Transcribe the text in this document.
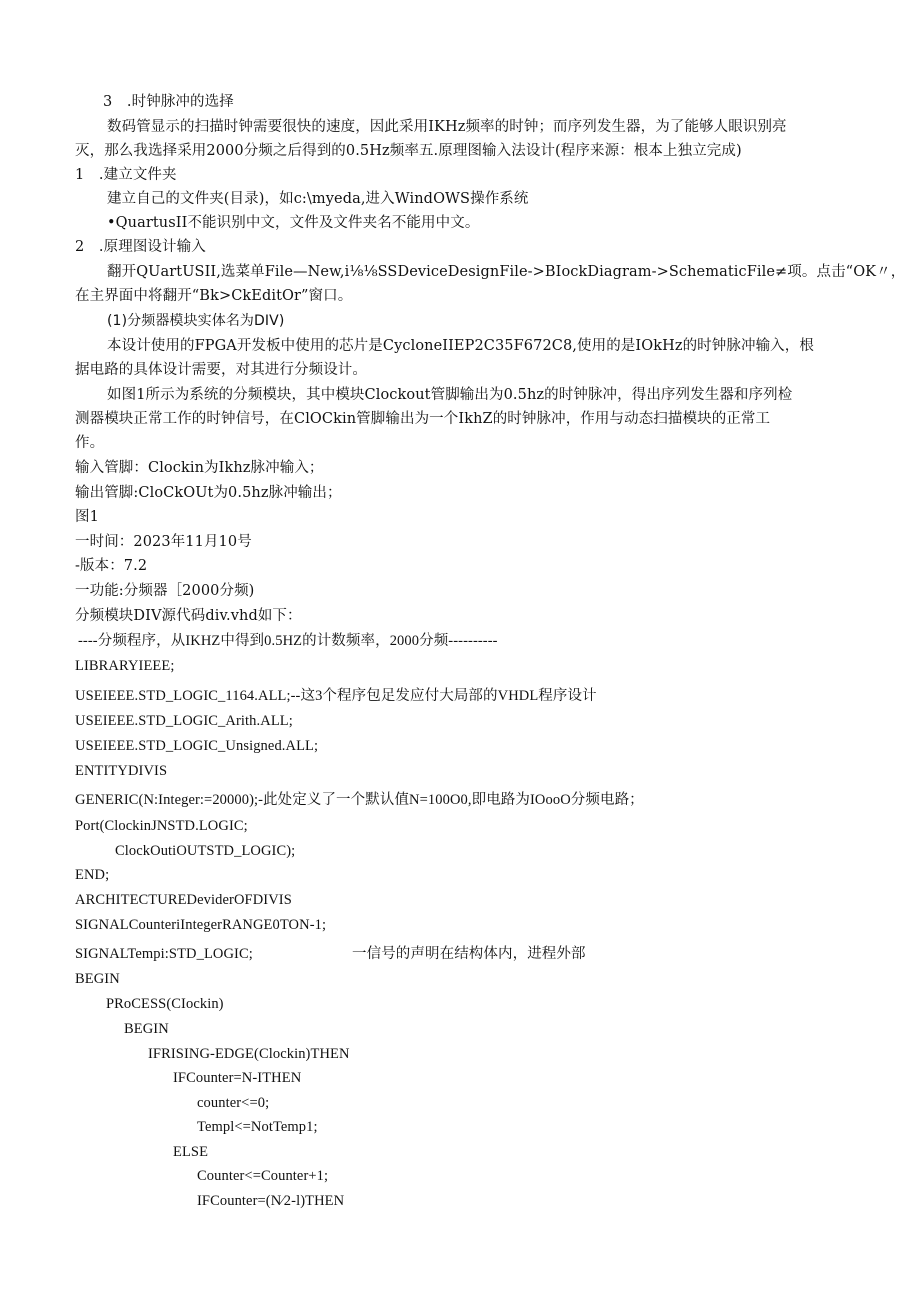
3　.时钟脉冲的选择
数码管显示的扫描时钟需要很快的速度，因此采用IKHz频率的时钟；而序列发生器，为了能够人眼识别亮
灭，那么我选择采用2000分频之后得到的0.5Hz频率五.原理图输入法设计(程序来源：根本上独立完成)
1　.建立文件夹
建立自己的文件夹(目录)，如c:\myeda,进入WindOWS操作系统
•QuartusII不能识别中文，文件及文件夹名不能用中文。
2　.原理图设计输入
翻开QUartUSII,选菜单File—New,i⅛⅛SSDeviceDesignFile->BIockDiagram->SchematicFile≠项。点击“OK〃，
在主界面中将翻开“Bk>CkEditOr”窗口。
(1)分频器模块实体名为DIV)
本设计使用的FPGA开发板中使用的芯片是CycloneIIEP2C35F672C8,使用的是IOkHz的时钟脉冲输入，根
据电路的具体设计需要，对其进行分频设计。
如图1所示为系统的分频模块，其中模块Clockout管脚输出为0.5hz的时钟脉冲，得出序列发生器和序列检
测器模块正常工作的时钟信号，在ClOCkin管脚输出为一个IkhZ的时钟脉冲，作用与动态扫描模块的正常工
作。
输入管脚：Clockin为Ikhz脉冲输入；
输出管脚:CloCkOUt为0.5hz脉冲输出；
图1
一时间：2023年11月10号
-版本：7.2
一功能:分频器［2000分频)
分频模块DIV源代码div.vhd如下：
----分频程序，从IKHZ中得到0.5HZ的计数频率，2000分频----------
LIBRARYIEEE;
USEIEEE.STD_LOGIC_1164.ALL;--这3个程序包足发应付大局部的VHDL程序设计
USEIEEE.STD_LOGIC_Arith.ALL;
USEIEEE.STD_LOGIC_Unsigned.ALL;
ENTITYDIVIS
GENERIC(N:Integer:=20000);-此处定义了一个默认值N=100O0,即电路为IOooO分频电路；
Port(ClockinJNSTD.LOGIC;
ClockOutiOUTSTD_LOGIC);
END;
ARCHITECTUREDeviderOFDIVIS
SIGNALCounteriIntegerRANGE0TON-1;
SIGNALTempi:STD_LOGIC;	一信号的声明在结构体内，进程外部
BEGIN
PRoCESS(CIockin)
BEGIN
IFRISING-EDGE(Clockin)THEN
IFCounter=N-ITHEN
counter<=0;
Templ<=NotTemp1;
ELSE
Counter<=Counter+1;
IFCounter=(N∕2-l)THEN
